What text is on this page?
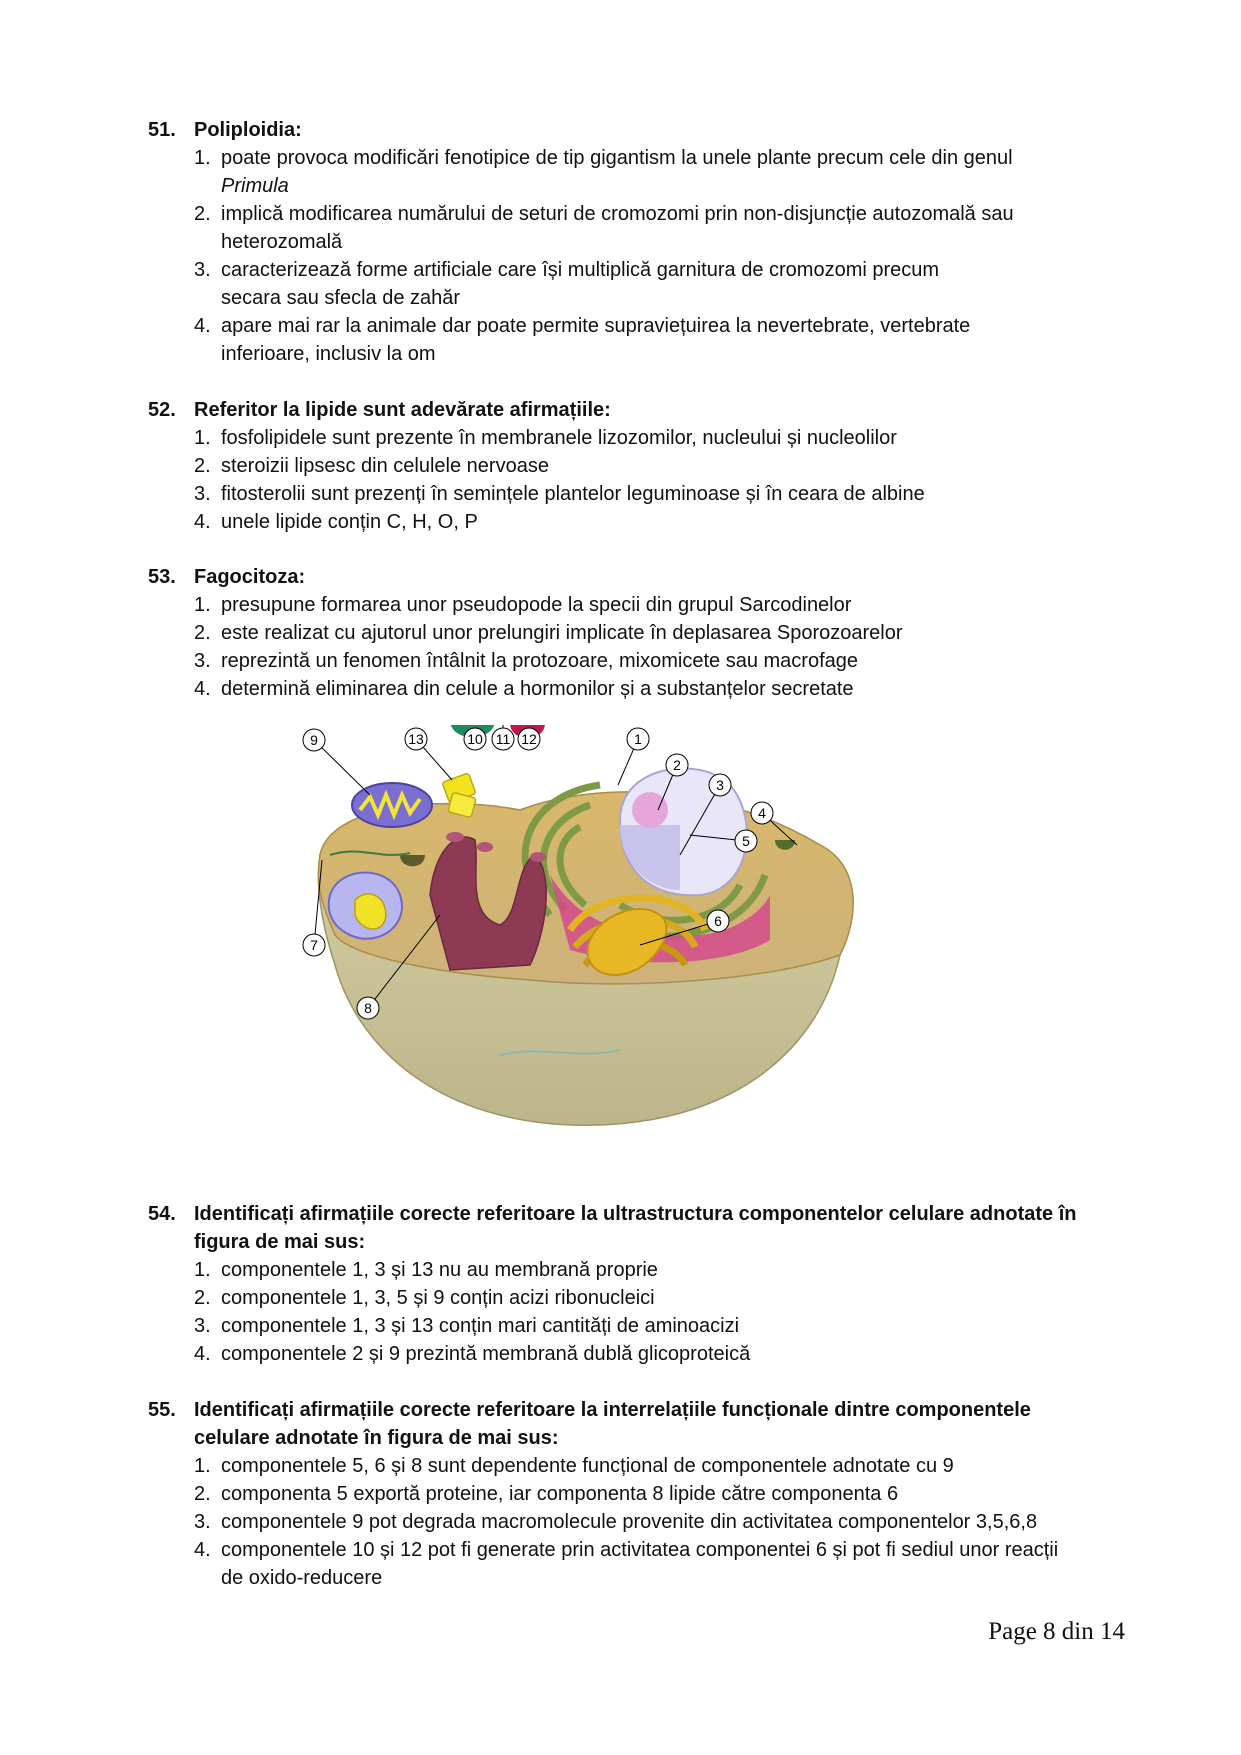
51. Poliploidia:
1. poate provoca modificări fenotipice de tip gigantism la unele plante precum cele din genul
Primula
2. implică modificarea numărului de seturi de cromozomi prin non-disjuncție autozomală sau
heterozomală
3. caracterizează forme artificiale care își multiplică garnitura de cromozomi precum
secara sau sfecla de zahăr
4. apare mai rar la animale dar poate permite supraviețuirea la nevertebrate, vertebrate
inferioare, inclusiv la om
52. Referitor la lipide sunt adevărate afirmațiile:
1. fosfolipidele sunt prezente în membranele lizozomilor, nucleului și nucleolilor
2. steroizii lipsesc din celulele nervoase
3. fitosterolii sunt prezenți în semințele plantelor leguminoase și în ceara de albine
4. unele lipide conțin C, H, O, P
53. Fagocitoza:
1. presupune formarea unor pseudopode la specii din grupul Sarcodinelor
2. este realizat cu ajutorul unor prelungiri implicate în deplasarea Sporozoarelor
3. reprezintă un fenomen întâlnit la protozoare, mixomicete sau macrofage
4. determină eliminarea din celule a hormonilor și a substanțelor secretate
1
2
3
4
5
6
7
8
9	10 11 12
13
54. Identificați afirmațiile corecte referitoare la ultrastructura componentelor celulare adnotate în
figura de mai sus:
1. componentele 1, 3 și 13 nu au membrană proprie
2. componentele 1, 3, 5 și 9 conțin acizi ribonucleici
3. componentele 1, 3 și 13 conțin mari cantități de aminoacizi
4. componentele 2 și 9 prezintă membrană dublă glicoproteică
55. Identificați afirmațiile corecte referitoare la interrelațiile funcționale dintre componentele
celulare adnotate în figura de mai sus:
1. componentele 5, 6 și 8 sunt dependente funcțional de componentele adnotate cu 9
2. componenta 5 exportă proteine, iar componenta 8 lipide către componenta 6
3. componentele 9 pot degrada macromolecule provenite din activitatea componentelor 3,5,6,8
4. componentele 10 și 12 pot fi generate prin activitatea componentei 6 și pot fi sediul unor reacții
de oxido-reducere
Page 8 din 14
